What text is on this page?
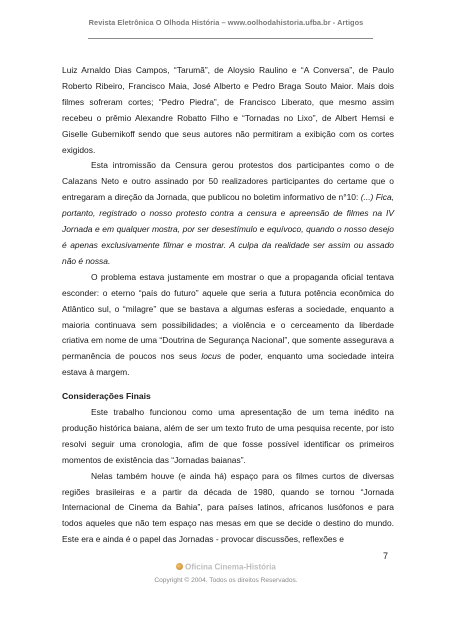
Revista Eletrônica O Olhoda História – www.oolhodahistoria.ufba.br - Artigos

Luiz Arnaldo Dias Campos, “Tarumã”, de Aloysio Raulino e “A Conversa”, de Paulo Roberto Ribeiro, Francisco Maia, José Alberto e Pedro Braga Souto Maior. Mais dois filmes sofreram cortes; “Pedro Piedra”, de Francisco Liberato, que mesmo assim recebeu o prêmio Alexandre Robatto Filho e “Tornadas no Lixo”, de Albert Hemsi e Giselle Gubernikoff sendo que seus autores não permitiram a exibição com os cortes exigidos.

Esta intromissão da Censura gerou protestos dos participantes como o de Calazans Neto e outro assinado por 50 realizadores participantes do certame que o entregaram a direção da Jornada, que publicou no boletim informativo de n°10: (...) Fica, portanto, registrado o nosso protesto contra a censura e apreensão de filmes na IV Jornada e em qualquer mostra, por ser desestímulo e equívoco, quando o nosso desejo é apenas exclusivamente filmar e mostrar. A culpa da realidade ser assim ou assado não é nossa.

O problema estava justamente em mostrar o que a propaganda oficial tentava esconder: o eterno “país do futuro” aquele que seria a futura potência econômica do Atlântico sul, o “milagre” que se bastava a algumas esferas a sociedade, enquanto a maioria continuava sem possibilidades; a violência e o cerceamento da liberdade criativa em nome de uma “Doutrina de Segurança Nacional”, que somente assegurava a permanência de poucos nos seus locus de poder, enquanto uma sociedade inteira estava à margem.

Considerações Finais

Este trabalho funcionou como uma apresentação de um tema inédito na produção histórica baiana, além de ser um texto fruto de uma pesquisa recente, por isto resolvi seguir uma cronologia, afim de que fosse possível identificar os primeiros momentos de existência das “Jornadas baianas”.

Nelas também houve (e ainda há) espaço para os filmes curtos de diversas regiões brasileiras e a partir da década de 1980, quando se tornou “Jornada Internacional de Cinema da Bahia”, para países latinos, africanos lusófonos e para todos aqueles que não tem espaço nas mesas em que se decide o destino do mundo. Este era e ainda é o papel das Jornadas - provocar discussões, reflexões e

7
Oficina Cinema-História
Copyright © 2004. Todos os direitos Reservados.
